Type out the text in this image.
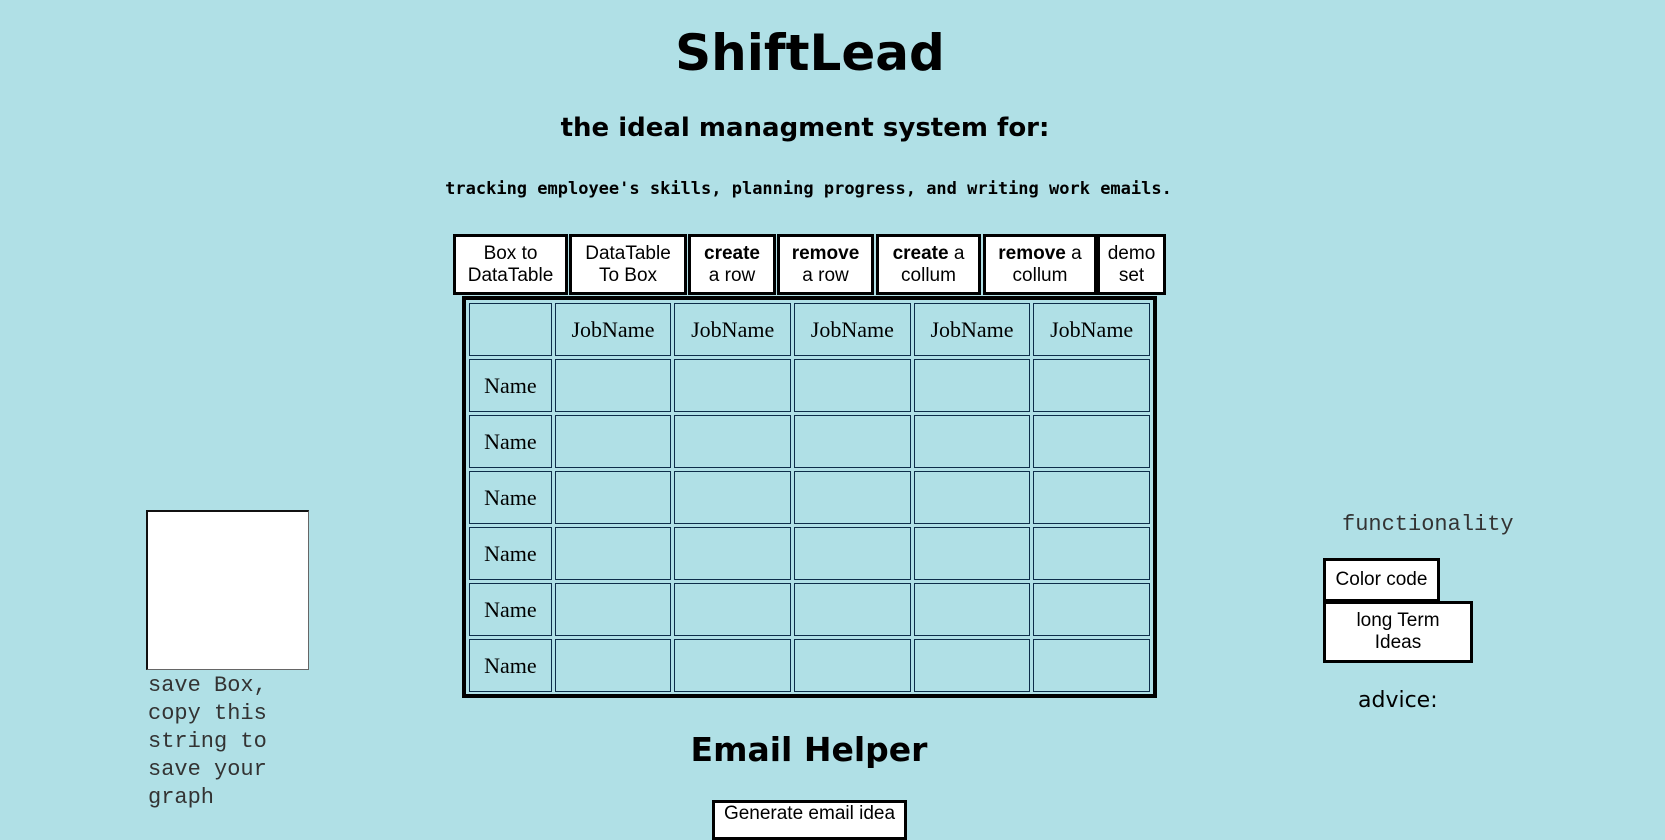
ShiftLead
the ideal managment system for:
tracking employee's skills, planning progress, and writing work emails.
Box to
DataTable
DataTable
To Box
create
a row
remove
a row
create a
collum
remove a
collum
demo
set
	JobName	JobName	JobName	JobName	JobName
Name					
Name					
Name					
Name					
Name					
Name					
save Box,
copy this
string to
save your
graph
functionality
Color code
long Term
Ideas
advice:
Email Helper
Generate email idea
